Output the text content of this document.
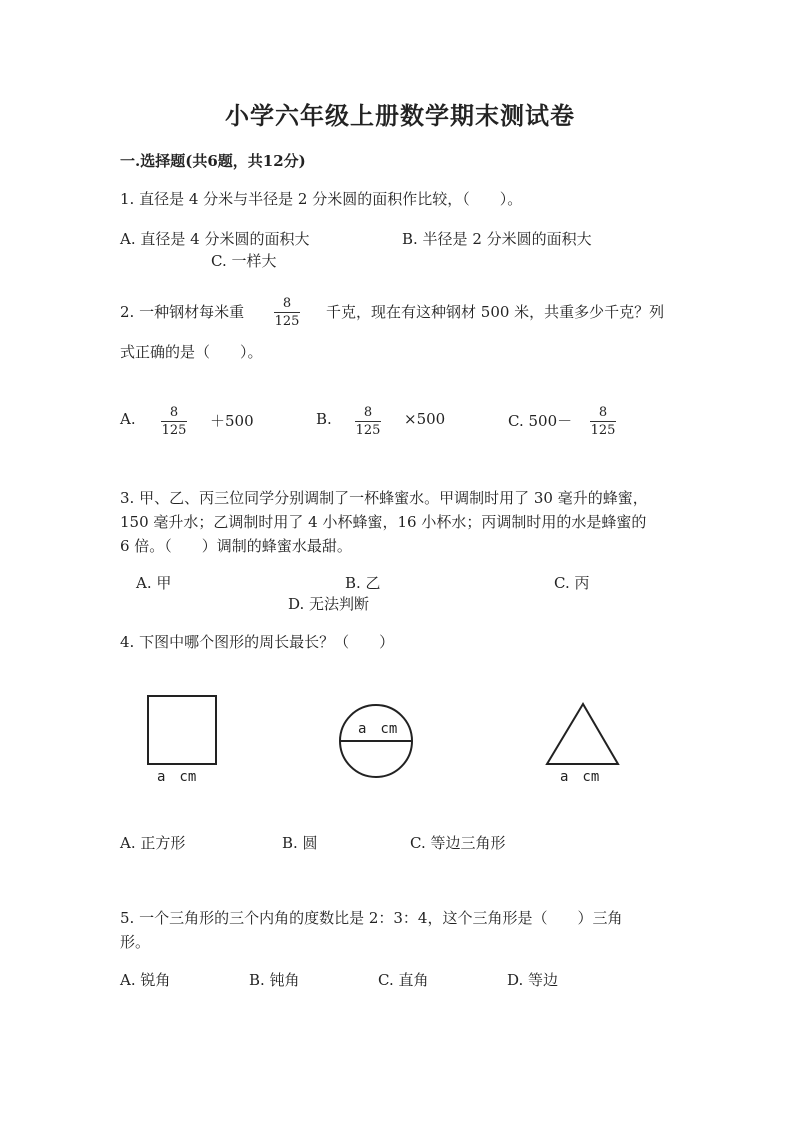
小学六年级上册数学期末测试卷
一.选择题(共6题，共12分)
1. 直径是 4 分米与半径是 2 分米圆的面积作比较，（　　）。
A. 直径是 4 分米圆的面积大	B. 半径是 2 分米圆的面积大
C. 一样大
2. 一种钢材每米重	8
125
千克，现在有这种钢材 500 米，共重多少千克？列
式正确的是（　　）。
A.	8
125
＋500	B. 8
125
×500	C. 500－ 8
125
3. 甲、乙、丙三位同学分别调制了一杯蜂蜜水。甲调制时用了 30 毫升的蜂蜜，
150 毫升水；乙调制时用了 4 小杯蜂蜜，16 小杯水；丙调制时用的水是蜂蜜的
6 倍。（　　）调制的蜂蜜水最甜。
A. 甲	B. 乙	C. 丙
D. 无法判断
4. 下图中哪个图形的周长最长？（　　）
a　cm
a　cm
a　cm
A. 正方形	B. 圆	C. 等边三角形
5. 一个三角形的三个内角的度数比是 2：3：4，这个三角形是（　　）三角
形。
A. 锐角	B. 钝角	C. 直角	D. 等边
